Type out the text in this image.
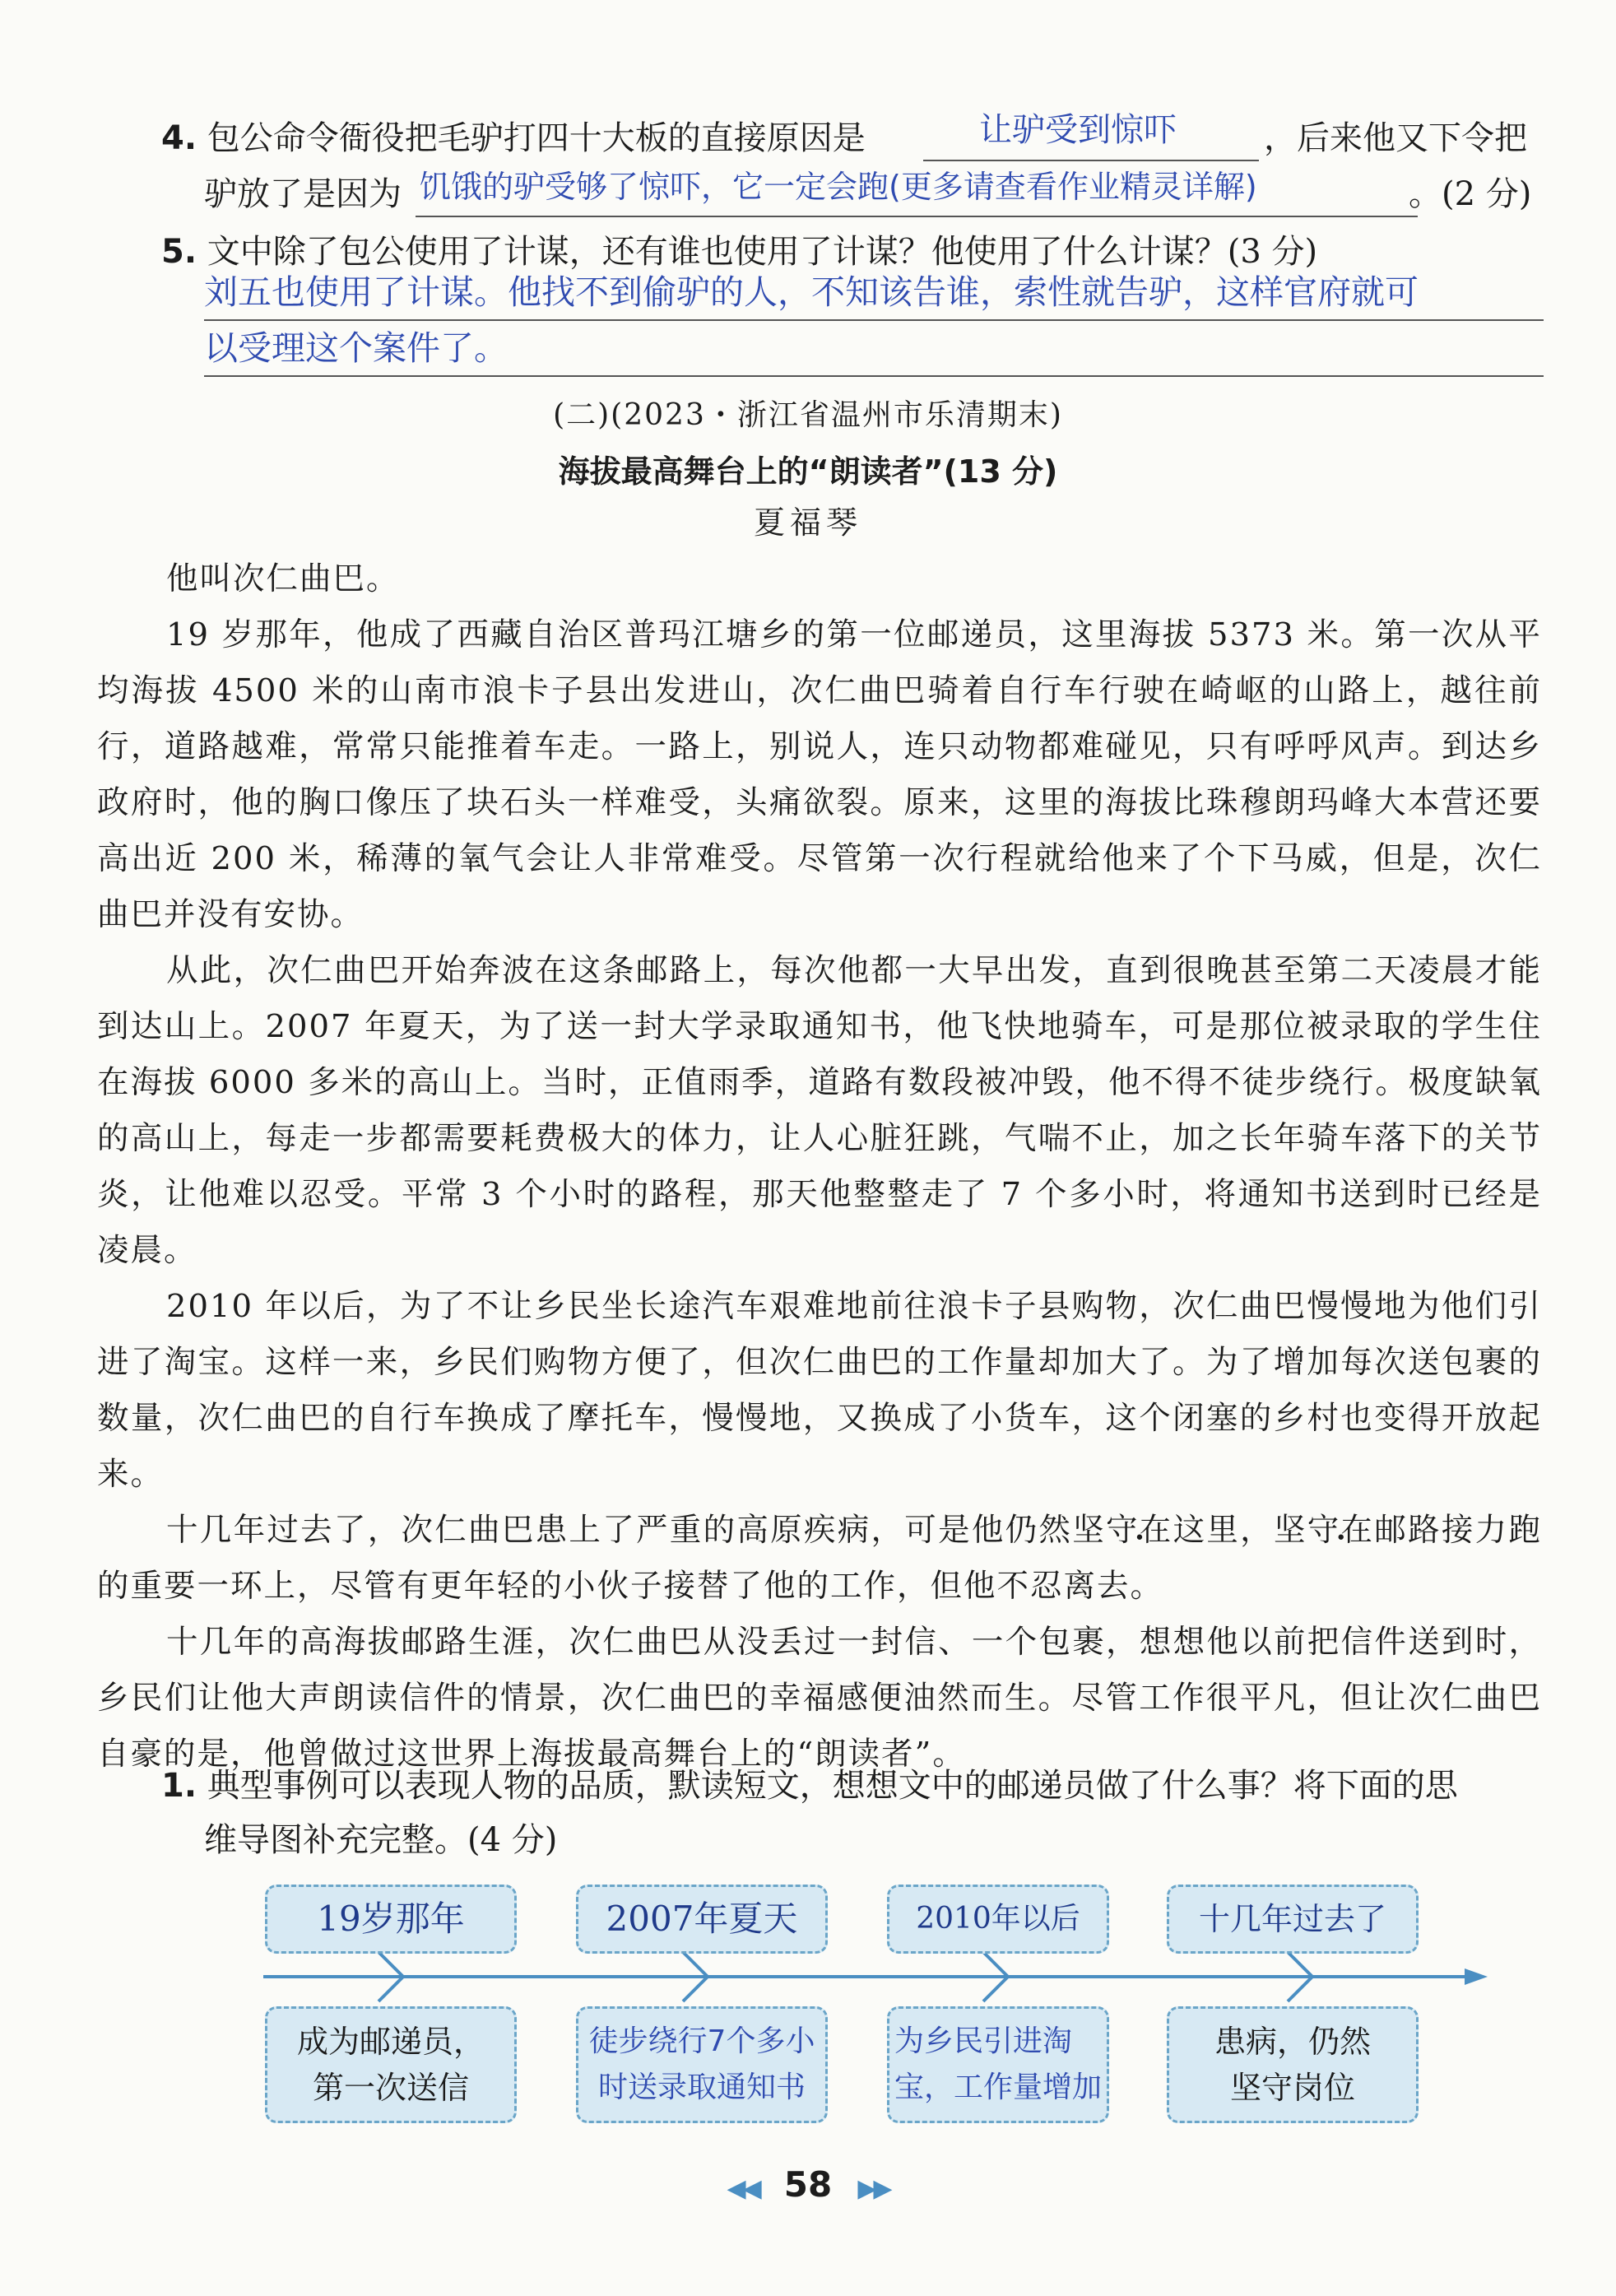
4. 包公命令衙役把毛驴打四十大板的直接原因是	让驴受到惊吓	，后来他又下令把
驴放了是因为 饥饿的驴受够了惊吓，它一定会跑(更多请查看作业精灵详解)	。(2 分)
5. 文中除了包公使用了计谋，还有谁也使用了计谋？他使用了什么计谋？(3 分)
刘五也使用了计谋。他找不到偷驴的人，不知该告谁，索性就告驴，这样官府就可
以受理这个案件了。
(二)(2023・浙江省温州市乐清期末)
海拔最高舞台上的“朗读者”(13 分)
夏福琴

他叫次仁曲巴。

19 岁那年，他成了西藏自治区普玛江塘乡的第一位邮递员，这里海拔 5373 米。第一次从平均海拔 4500 米的山南市浪卡子县出发进山，次仁曲巴骑着自行车行驶在崎岖的山路上，越往前行，道路越难，常常只能推着车走。一路上，别说人，连只动物都难碰见，只有呼呼风声。到达乡政府时，他的胸口像压了块石头一样难受，头痛欲裂。原来，这里的海拔比珠穆朗玛峰大本营还要高出近 200 米，稀薄的氧气会让人非常难受。尽管第一次行程就给他来了个下马威，但是，次仁曲巴并没有安协。

从此，次仁曲巴开始奔波在这条邮路上，每次他都一大早出发，直到很晚甚至第二天凌晨才能到达山上。2007 年夏天，为了送一封大学录取通知书，他飞快地骑车，可是那位被录取的学生住在海拔 6000 多米的高山上。当时，正值雨季，道路有数段被冲毁，他不得不徒步绕行。极度缺氧的高山上，每走一步都需要耗费极大的体力，让人心脏狂跳，气喘不止，加之长年骑车落下的关节炎，让他难以忍受。平常 3 个小时的路程，那天他整整走了 7 个多小时，将通知书送到时已经是凌晨。

2010 年以后，为了不让乡民坐长途汽车艰难地前往浪卡子县购物，次仁曲巴慢慢地为他们引进了淘宝。这样一来，乡民们购物方便了，但次仁曲巴的工作量却加大了。为了增加每次送包裹的数量，次仁曲巴的自行车换成了摩托车，慢慢地，又换成了小货车，这个闭塞的乡村也变得开放起来。

十几年过去了，次仁曲巴患上了严重的高原疾病，可是他仍然坚守 •在这里，坚守 •在邮路接力跑的重要一环上，尽管有更年轻的小伙子接替了他的工作，但他不忍离去。

十几年的高海拔邮路生涯，次仁曲巴从没丢过一封信、一个包裹，想想他以前把信件送到时，乡民们让他大声朗读信件的情景，次仁曲巴的幸福感便油然而生。尽管工作很平凡，但让次仁曲巴自豪的是，他曾做过这世界上海拔最高舞台上的“朗读者”。

1. 典型事例可以表现人物的品质，默读短文，想想文中的邮递员做了什么事？将下面的思
维导图补充完整。(4 分)
19岁那年	2007年夏天	2010年以后	十几年过去了
成为邮递员，
第一次送信
徒步绕行7个多小
时送录取通知书
为乡民引进淘
宝，工作量增加
患病，仍然
坚守岗位
◀◀ 58 ▶▶
